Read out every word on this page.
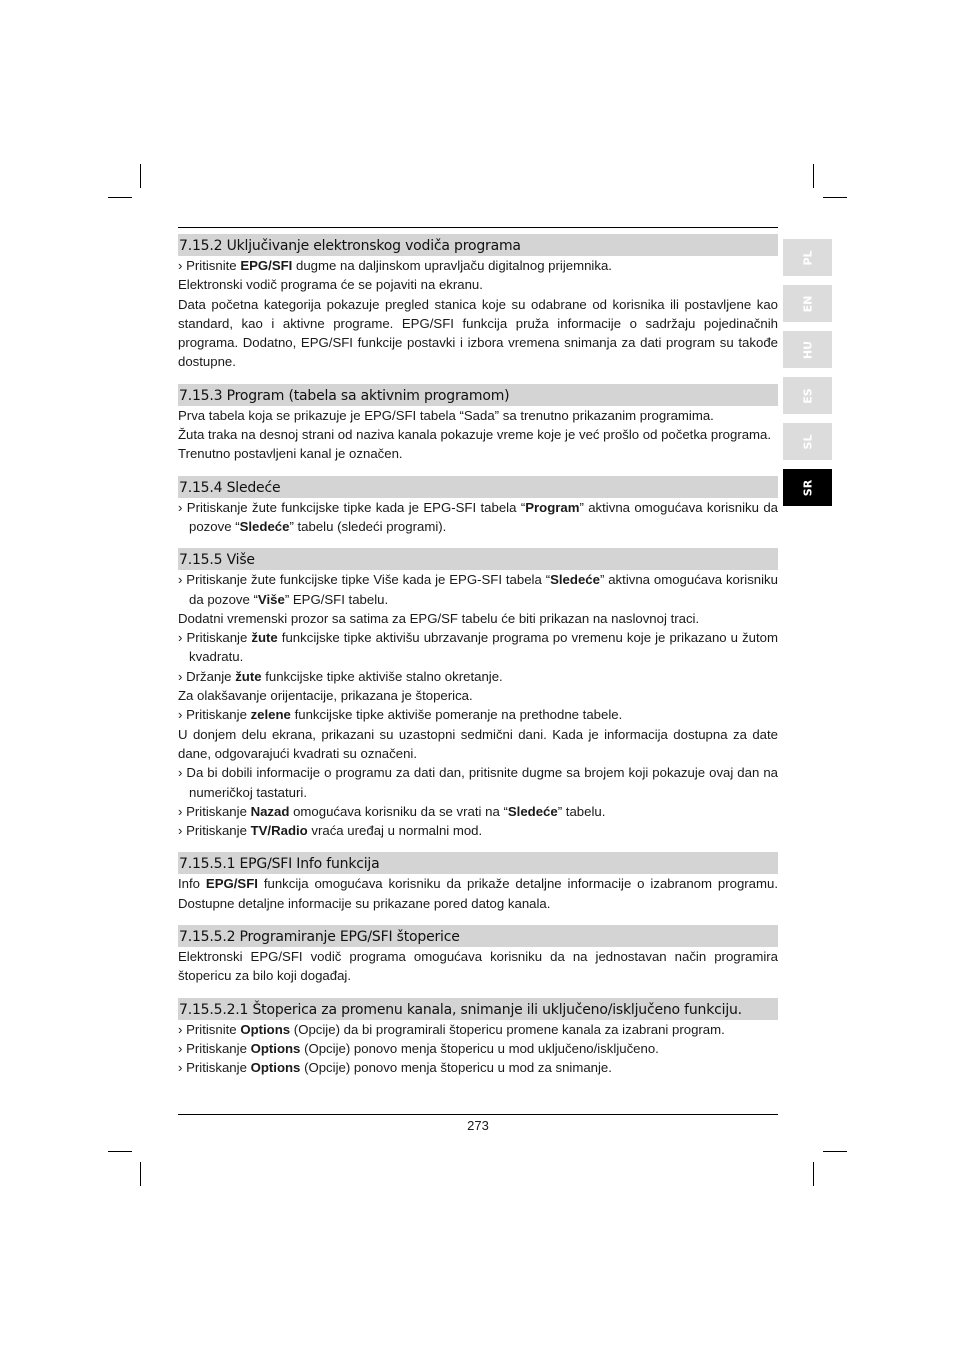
7.15.2 Uključivanje elektronskog vodiča programa

› Pritisnite EPG/SFI dugme na daljinskom upravljaču digitalnog prijemnika.

Elektronski vodič programa će se pojaviti na ekranu.

Data početna kategorija pokazuje pregled stanica koje su odabrane od korisnika ili postavljene kao standard, kao i aktivne programe. EPG/SFI funkcija pruža informacije o sadržaju pojedinačnih programa. Dodatno, EPG/SFI funkcije postavki i izbora vremena snimanja za dati program su takođe dostupne.

7.15.3 Program (tabela sa aktivnim programom)

Prva tabela koja se prikazuje je EPG/SFI tabela “Sada” sa trenutno prikazanim programima.

Žuta traka na desnoj strani od naziva kanala pokazuje vreme koje je već prošlo od početka programa.

Trenutno postavljeni kanal je označen.

7.15.4 Sledeće

› Pritiskanje žute funkcijske tipke kada je EPG-SFI tabela “Program” aktivna omogućava korisniku da pozove “Sledeće” tabelu (sledeći programi).

7.15.5 Više

› Pritiskanje žute funkcijske tipke Više kada je EPG-SFI tabela “Sledeće” aktivna omogućava korisniku da pozove “Više” EPG/SFI tabelu.

Dodatni vremenski prozor sa satima za EPG/SF tabelu će biti prikazan na naslovnoj traci.

› Pritiskanje žute funkcijske tipke aktivišu ubrzavanje programa po vremenu koje je prikazano u žutom kvadratu.

› Držanje žute funkcijske tipke aktiviše stalno okretanje.

Za olakšavanje orijentacije, prikazana je štoperica.

› Pritiskanje zelene funkcijske tipke aktiviše pomeranje na prethodne tabele.

U donjem delu ekrana, prikazani su uzastopni sedmični dani. Kada je informacija dostupna za date dane, odgovarajući kvadrati su označeni.

› Da bi dobili informacije o programu za dati dan, pritisnite dugme sa brojem koji pokazuje ovaj dan na numeričkoj tastaturi.

› Pritiskanje Nazad omogućava korisniku da se vrati na “Sledeće” tabelu.

› Pritiskanje TV/Radio vraća uređaj u normalni mod.

7.15.5.1 EPG/SFI Info funkcija

Info EPG/SFI funkcija omogućava korisniku da prikaže detaljne informacije o izabranom programu. Dostupne detaljne informacije su prikazane pored datog kanala.

7.15.5.2 Programiranje EPG/SFI štoperice

Elektronski EPG/SFI vodič programa omogućava korisniku da na jednostavan način programira štopericu za bilo koji događaj.

7.15.5.2.1 Štoperica za promenu kanala, snimanje ili uključeno/isključeno funkciju.

› Pritisnite Options (Opcije) da bi programirali štopericu promene kanala za izabrani program.

› Pritiskanje Options (Opcije) ponovo menja štopericu u mod uključeno/isključeno.

› Pritiskanje Options (Opcije) ponovo menja štopericu u mod za snimanje.

PL
EN
HU
ES
SL
SR
273
